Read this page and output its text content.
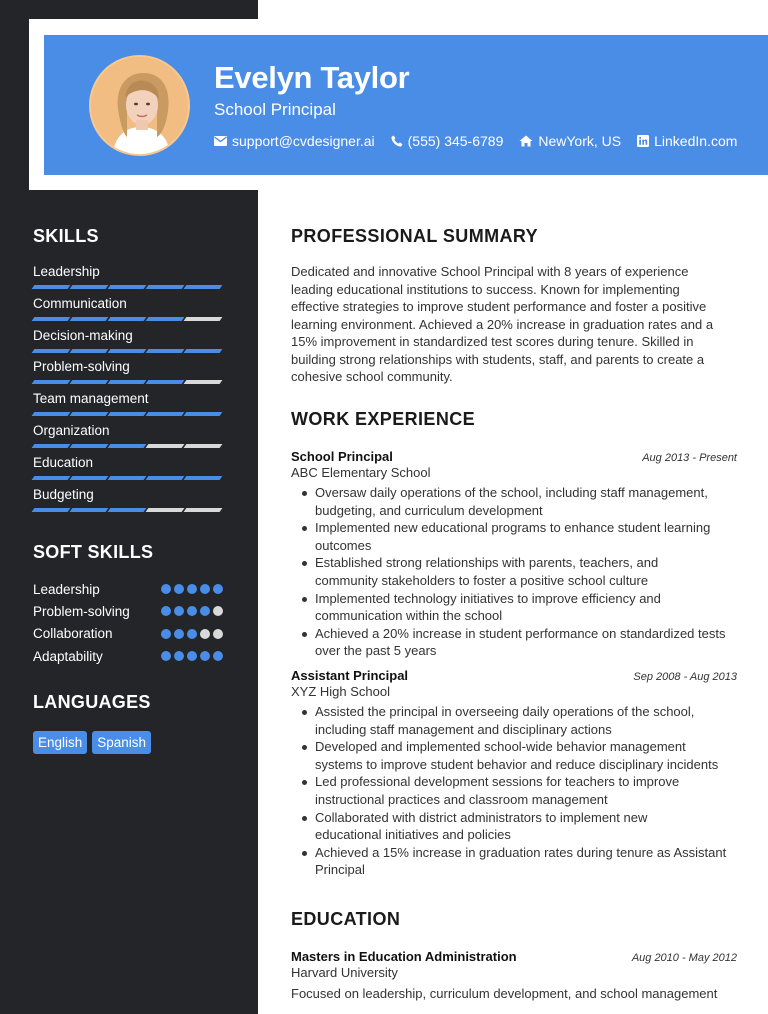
Evelyn Taylor
School Principal
support@cvdesigner.ai (555) 345-6789	NewYork, US LinkedIn.com
SKILLS
Leadership
Communication
Decision-making
Problem-solving
Team management
Organization
Education
Budgeting
SOFT SKILLS
Leadership
Problem-solving
Collaboration
Adaptability
LANGUAGES
English	Spanish
PROFESSIONAL SUMMARY
Dedicated and innovative School Principal with 8 years of experience
leading educational institutions to success. Known for implementing
effective strategies to improve student performance and foster a positive
learning environment. Achieved a 20% increase in graduation rates and a
15% improvement in standardized test scores during tenure. Skilled in
building strong relationships with students, staff, and parents to create a
cohesive school community.
WORK EXPERIENCE
School Principal	Aug 2013 - Present
ABC Elementary School
Oversaw daily operations of the school, including staff management,
budgeting, and curriculum development
Implemented new educational programs to enhance student learning
outcomes
Established strong relationships with parents, teachers, and
community stakeholders to foster a positive school culture
Implemented technology initiatives to improve efficiency and
communication within the school
Achieved a 20% increase in student performance on standardized tests
over the past 5 years
Assistant Principal	Sep 2008 - Aug 2013
XYZ High School
Assisted the principal in overseeing daily operations of the school,
including staff management and disciplinary actions
Developed and implemented school-wide behavior management
systems to improve student behavior and reduce disciplinary incidents
Led professional development sessions for teachers to improve
instructional practices and classroom management
Collaborated with district administrators to implement new
educational initiatives and policies
Achieved a 15% increase in graduation rates during tenure as Assistant
Principal
EDUCATION
Masters in Education Administration	Aug 2010 - May 2012
Harvard University
Focused on leadership, curriculum development, and school management
